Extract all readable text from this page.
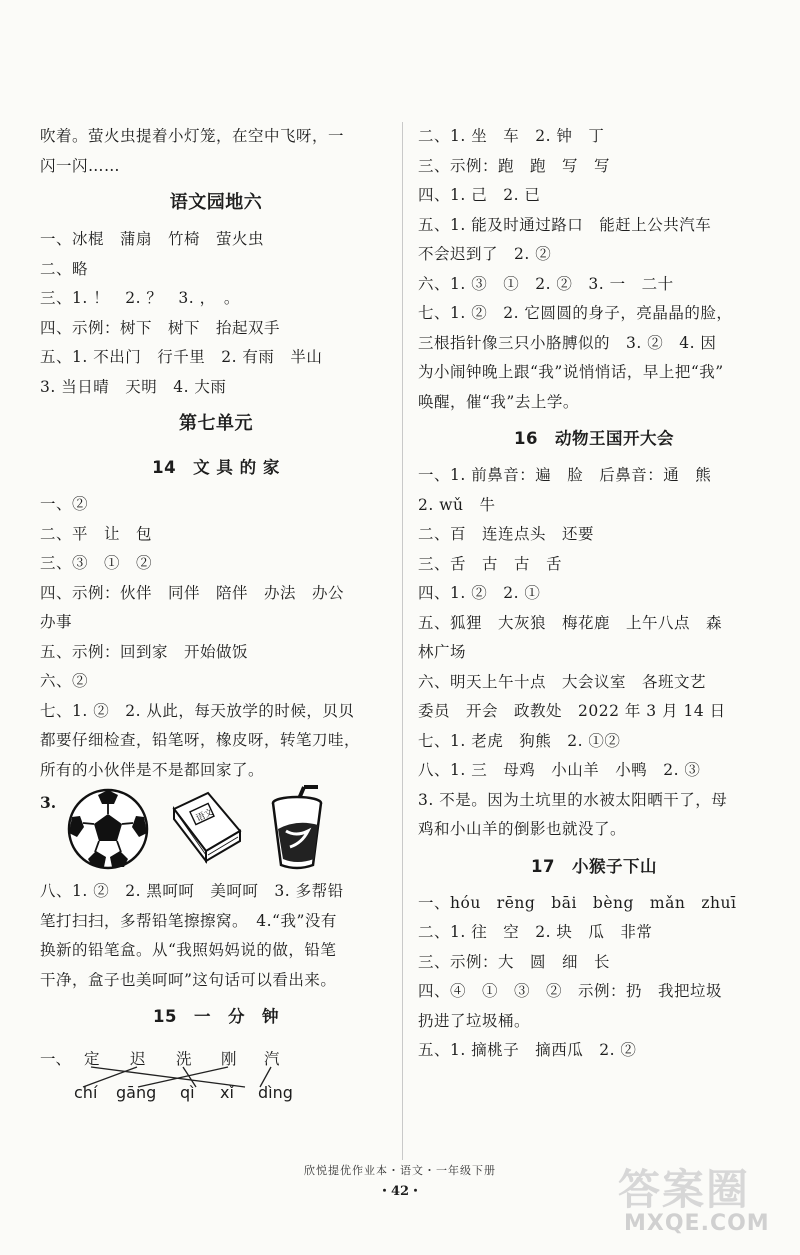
吹着。萤火虫提着小灯笼，在空中飞呀，一
闪一闪……
语文园地六
一、冰棍　蒲扇　竹椅　萤火虫
二、略
三、1. ！　2. ？　3. ，　。
四、示例：树下　树下　抬起双手
五、1. 不出门　行千里　2. 有雨　半山
3. 当日晴　天明　4. 大雨
第七单元
14　文 具 的 家
一、②
二、平　让　包
三、③　①　②
四、示例：伙伴　同伴　陪伴　办法　办公
办事
五、示例：回到家　开始做饭
六、②
七、1. ②　2. 从此，每天放学的时候，贝贝
都要仔细检查，铅笔呀，橡皮呀，转笔刀哇，
所有的小伙伴是不是都回家了。
3.
语文
八、1. ②　2. 黑呵呵　美呵呵　3. 多帮铅
笔打扫扫，多帮铅笔擦擦窝。　4.“我”没有
换新的铅笔盒。从“我照妈妈说的做，铅笔
干净，盒子也美呵呵”这句话可以看出来。
15　一　分　钟
一、 定 迟 洗 刚 汽
chí gāng qì xǐ dìng
二、1. 坐　车　2. 钟　丁
三、示例：跑　跑　写　写
四、1. 己　2. 已
五、1. 能及时通过路口　能赶上公共汽车
不会迟到了　2. ②
六、1. ③　①　2. ②　3. 一　二十
七、1. ②　2. 它圆圆的身子，亮晶晶的脸，
三根指针像三只小胳膊似的　3. ②　4. 因
为小闹钟晚上跟“我”说悄悄话，早上把“我”
唤醒，催“我”去上学。
16　动物王国开大会
一、1. 前鼻音：遍　脸　后鼻音：通　熊
2. wǔ　牛
二、百　连连点头　还要
三、舌　古　古　舌
四、1. ②　2. ①
五、狐狸　大灰狼　梅花鹿　上午八点　森
林广场
六、明天上午十点　大会议室　各班文艺
委员　开会　政教处　2022 年 3 月 14 日
七、1. 老虎　狗熊　2. ①②
八、1. 三　母鸡　小山羊　小鸭　2. ③
3. 不是。因为土坑里的水被太阳晒干了，母
鸡和小山羊的倒影也就没了。
17　小猴子下山
一、hóu　rēng　bāi　bèng　mǎn　zhuī
二、1. 往　空　2. 块　瓜　非常
三、示例：大　圆　细　长
四、④　①　③　②　示例：扔　我把垃圾
扔进了垃圾桶。
五、1. 摘桃子　摘西瓜　2. ②
欣悦提优作业本・语文・一年级下册
・42・	答案圈
MXQE.COM
